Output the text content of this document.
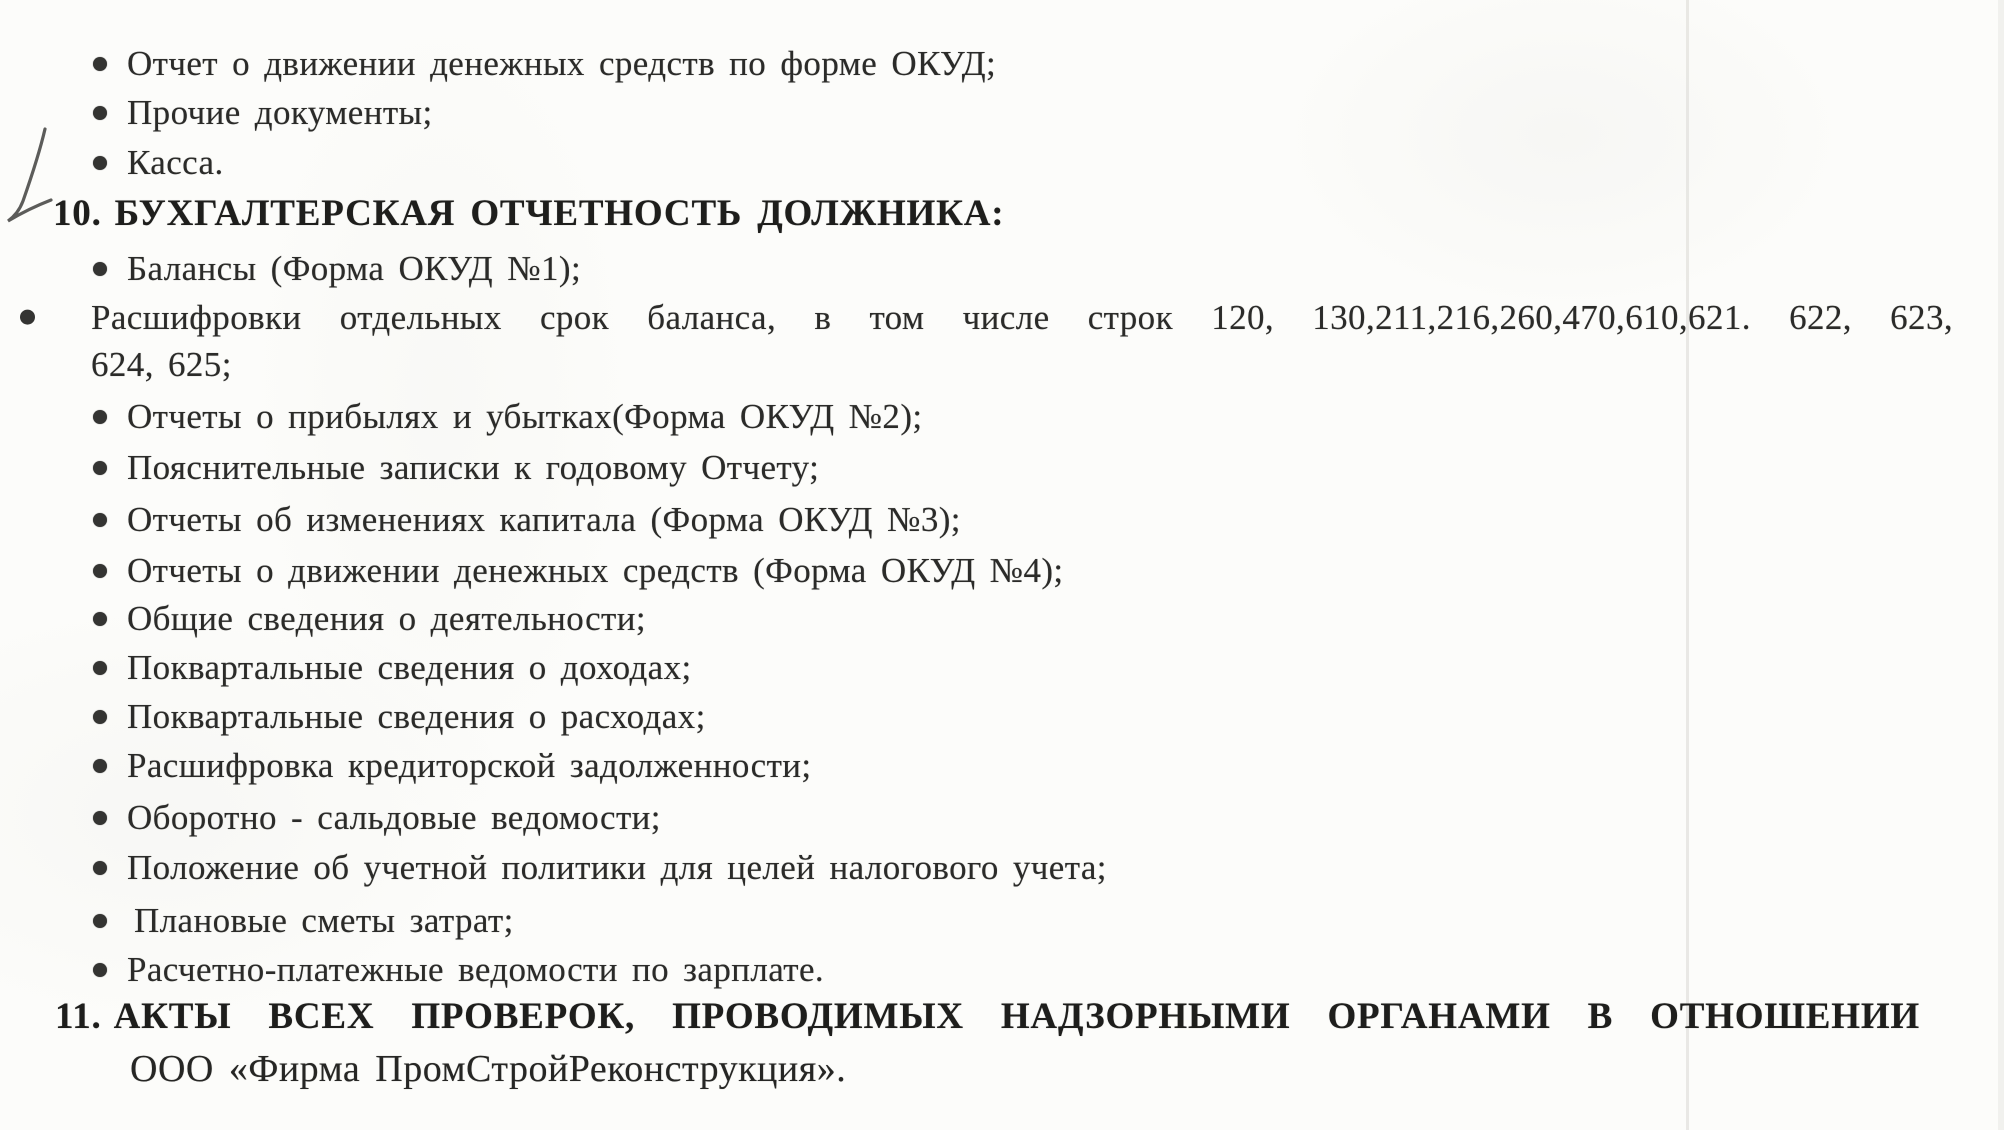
Отчет о движении денежных средств по форме ОКУД;
Прочие документы;
Касса.
10. БУХГАЛТЕРСКАЯ ОТЧЕТНОСТЬ ДОЛЖНИКА:
Балансы (Форма ОКУД №1);
Расшифровки отдельных срок баланса, в том числе строк 120, 130,211,216,260,470,610,621. 622, 623,
624, 625;
Отчеты о прибылях и убытках(Форма ОКУД №2);
Пояснительные записки к годовому Отчету;
Отчеты об изменениях капитала (Форма ОКУД №3);
Отчеты о движении денежных средств (Форма ОКУД №4);
Общие сведения о деятельности;
Поквартальные сведения о доходах;
Поквартальные сведения о расходах;
Расшифровка кредиторской задолженности;
Оборотно - сальдовые ведомости;
Положение об учетной политики для целей налогового учета;
Плановые сметы затрат;
Расчетно-платежные ведомости по зарплате.
11. АКТЫ ВСЕХ ПРОВЕРОК, ПРОВОДИМЫХ НАДЗОРНЫМИ ОРГАНАМИ В ОТНОШЕНИИ
ООО «Фирма ПромСтройРеконструкция».
